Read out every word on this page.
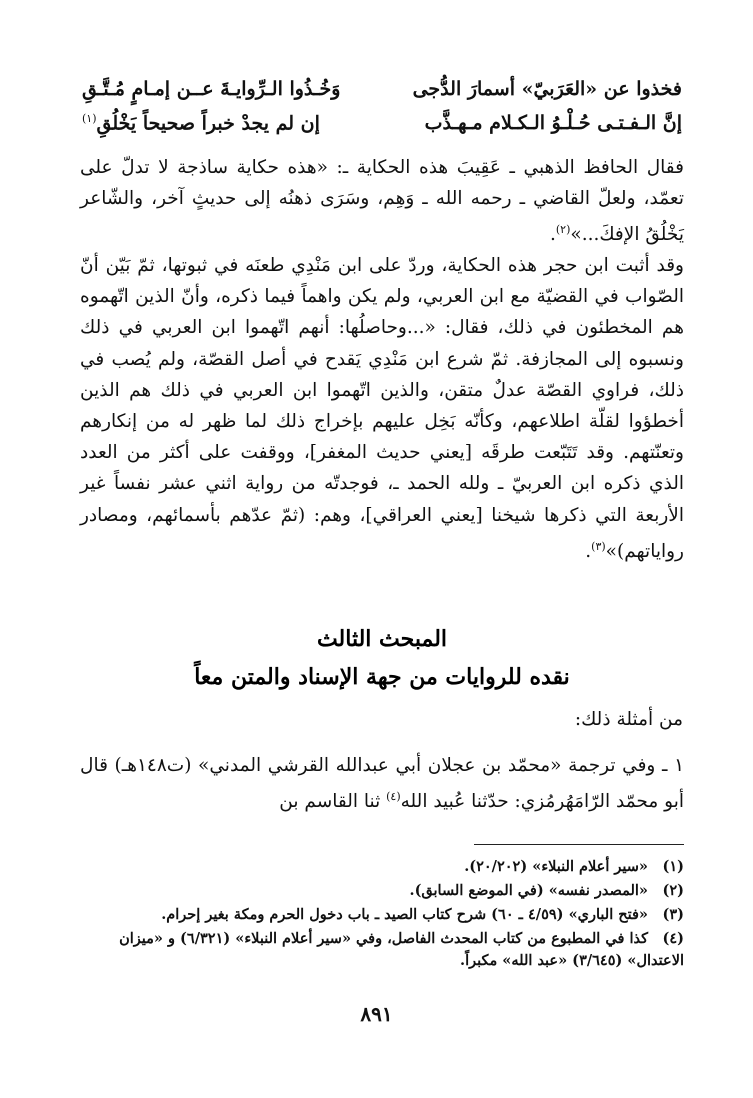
فخذوا عن «العَرَبيّ» أسمارَ الدُّجى
وَخُـذُوا الـرِّوايـةَ عــن إمـامٍ مُـتَّـقِ
إنَّ الـفـتـى حُـلْـوُ الـكـلام مـهـذَّب
إن لم يجدْ خبراً صحيحاً يَخْلُقِ$^{(١)}$

فقال الحافظ الذهبي ـ عَقِيبَ هذه الحكاية ـ: «هذه حكاية ساذجة لا تدلّ على تعمّد، ولعلّ القاضي ـ رحمه الله ـ وَهِم، وسَرَى ذهنُه إلى حديثٍ آخر، والشّاعر يَخْلُقُ الإفكَ...»$^{(٢)}$.

وقد أثبت ابن حجر هذه الحكاية، وردّ على ابن مَنْدِي طعنَه في ثبوتها، ثمّ بَيّن أنّ الصّواب في القضيّة مع ابن العربي، ولم يكن واهماً فيما ذكره، وأنّ الذين اتّهموه هم المخطئون في ذلك، فقال: «...وحاصلُها: أنهم اتّهموا ابن العربي في ذلك ونسبوه إلى المجازفة. ثمّ شرع ابن مَنْدِي يَقدح في أصل القصّة، ولم يُصب في ذلك، فراوي القصّة عدلٌ متقن، والذين اتّهموا ابن العربي في ذلك هم الذين أخطؤوا لقلّة اطلاعهم، وكأنّه بَخِل عليهم بإخراج ذلك لما ظهر له من إنكارهم وتعنّتهم. وقد تَتَبّعت طرقَه [يعني حديث المغفر]، ووقفت على أكثر من العدد الذي ذكره ابن العربيّ ـ ولله الحمد ـ، فوجدتّه من رواية اثني عشر نفساً غير الأربعة التي ذكرها شيخنا [يعني العراقي]، وهم: (ثمّ عدّهم بأسمائهم، ومصادر رواياتهم)»$^{(٣)}$.

المبحث الثالث
نقده للروايات من جهة الإسناد والمتن معاً
من أمثلة ذلك:

١ ـ وفي ترجمة «محمّد بن عجلان أبي عبدالله القرشي المدني» (ت١٤٨هـ) قال أبو محمّد الرّامَهُرمُزي: حدّثنا عُبيد الله$^{(٤)}$ ثنا القاسم بن

(١)«سير أعلام النبلاء» (٢٠/٢٠٢).
(٢)«المصدر نفسه» (في الموضع السابق).
(٣)«فتح الباري» (٤/٥٩ ـ ٦٠) شرح كتاب الصيد ـ باب دخول الحرم ومكة بغير إحرام.
(٤)كذا في المطبوع من كتاب المحدث الفاصل، وفي «سير أعلام النبلاء» (٦/٣٢١) و «ميزان الاعتدال» (٣/٦٤٥) «عبد الله» مكبراً.
٨٩١
